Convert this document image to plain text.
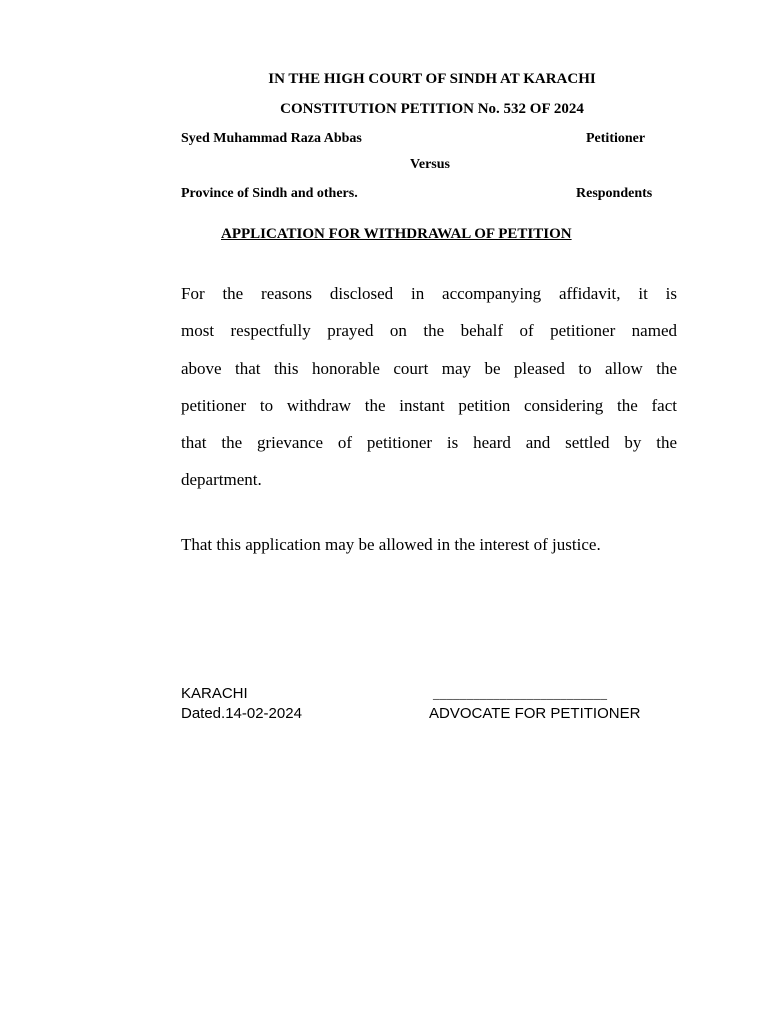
IN THE HIGH COURT OF SINDH AT KARACHI
CONSTITUTION PETITION No. 532 OF 2024
Syed Muhammad Raza Abbas	Petitioner
Versus
Province of Sindh and others.	Respondents
APPLICATION FOR WITHDRAWAL OF PETITION
For the reasons disclosed in accompanying affidavit, it is
most respectfully prayed on the behalf of petitioner named
above that this honorable court may be pleased to allow the
petitioner to withdraw the instant petition considering the fact
that the grievance of petitioner is heard and settled by the
department.
That this application may be allowed in the interest of justice.
KARACHI
Dated.14-02-2024
__________________________
ADVOCATE FOR PETITIONER
